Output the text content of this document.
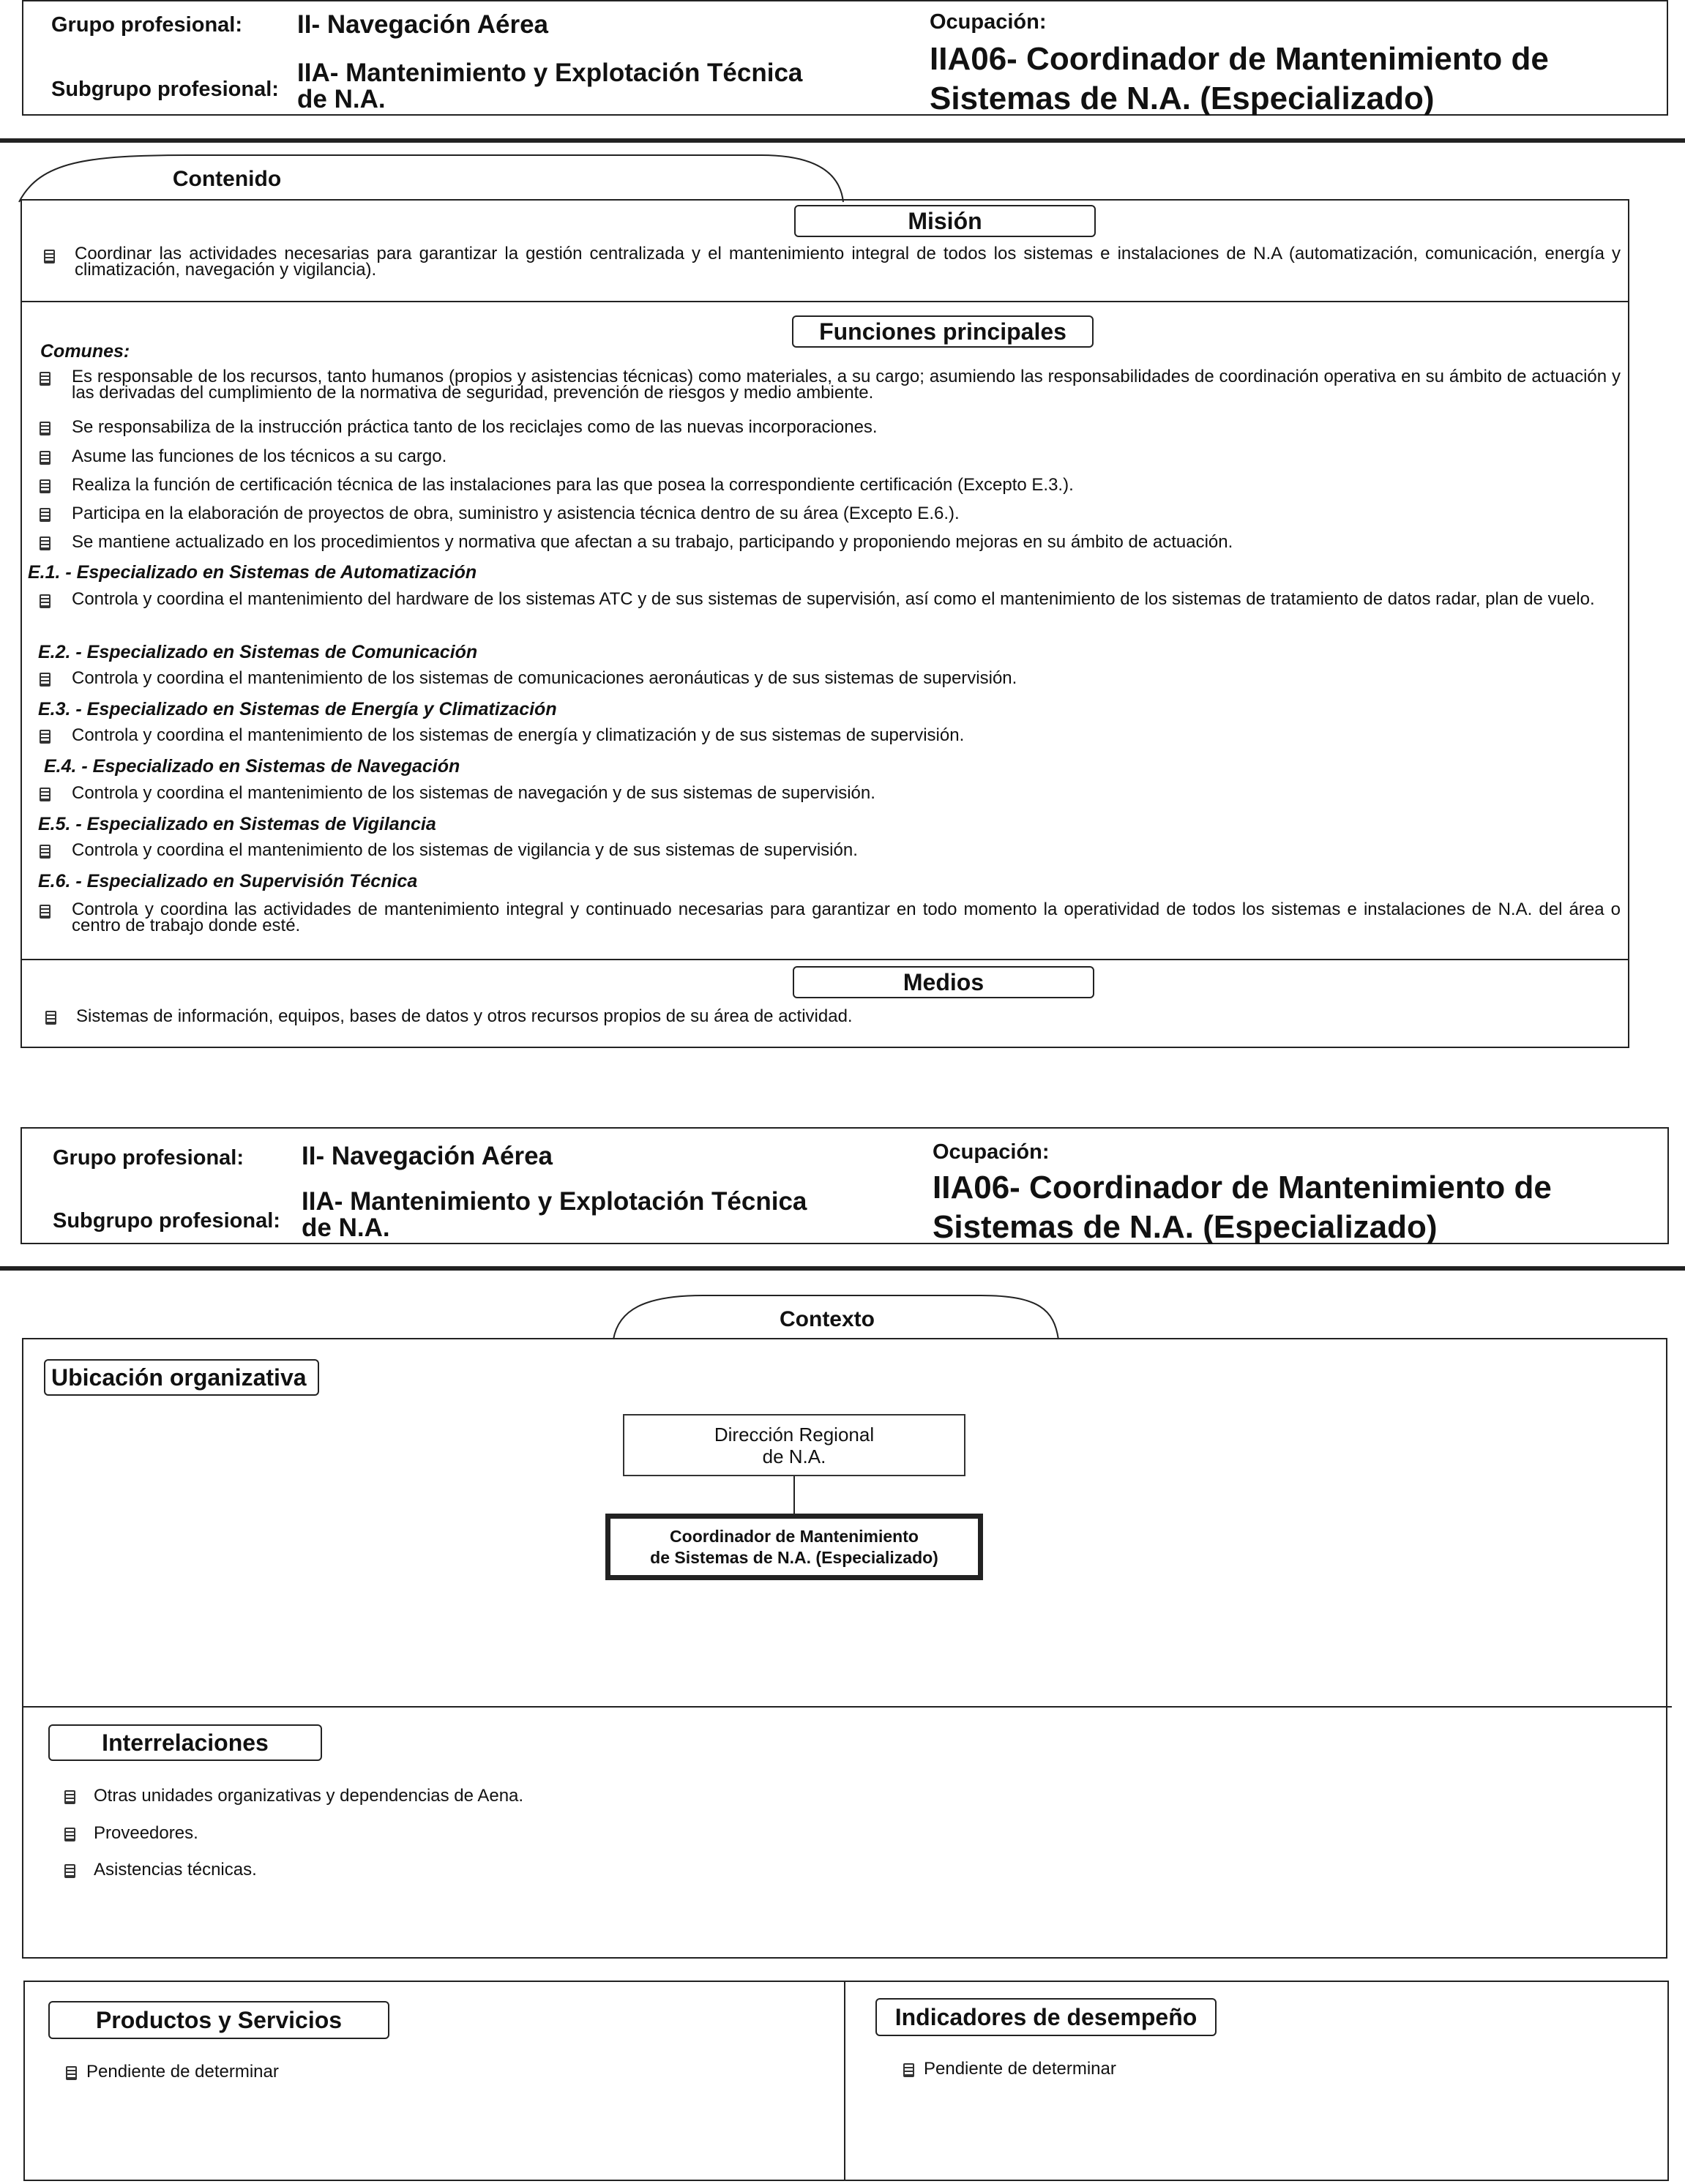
Grupo profesional: II- Navegación Aérea
Subgrupo profesional:
IIA- Mantenimiento y Explotación Técnica
de N.A.
Ocupación:
IIA06- Coordinador de Mantenimiento de
Sistemas de N.A. (Especializado)
Contenido
Misión
Coordinar las actividades necesarias para garantizar la gestión centralizada y el mantenimiento integral de todos los sistemas e instalaciones de N.A (automatización, comunicación, energía y climatización, navegación y vigilancia).
Funciones principales
Comunes:
Es responsable de los recursos, tanto humanos (propios y asistencias técnicas) como materiales, a su cargo; asumiendo las responsabilidades de coordinación operativa en su ámbito de actuación y las derivadas del cumplimiento de la normativa de seguridad, prevención de riesgos y medio ambiente.
Se responsabiliza de la instrucción práctica tanto de los reciclajes como de las nuevas incorporaciones.
Asume las funciones de los técnicos a su cargo.
Realiza la función de certificación técnica de las instalaciones para las que posea la correspondiente certificación (Excepto E.3.).
Participa en la elaboración de proyectos de obra, suministro y asistencia técnica dentro de su área (Excepto E.6.).
Se mantiene actualizado en los procedimientos y normativa que afectan a su trabajo, participando y proponiendo mejoras en su ámbito de actuación.
E.1. - Especializado en Sistemas de Automatización
Controla y coordina el mantenimiento del hardware de los sistemas ATC y de sus sistemas de supervisión, así como el mantenimiento de los sistemas de tratamiento de datos radar, plan de vuelo.
E.2. - Especializado en Sistemas de Comunicación
Controla y coordina el mantenimiento de los sistemas de comunicaciones aeronáuticas y de sus sistemas de supervisión.
E.3. - Especializado en Sistemas de Energía y Climatización
Controla y coordina el mantenimiento de los sistemas de energía y climatización y de sus sistemas de supervisión.
E.4. - Especializado en Sistemas de Navegación
Controla y coordina el mantenimiento de los sistemas de navegación y de sus sistemas de supervisión.
E.5. - Especializado en Sistemas de Vigilancia
Controla y coordina el mantenimiento de los sistemas de vigilancia y de sus sistemas de supervisión.
E.6. - Especializado en Supervisión Técnica
Controla y coordina las actividades de mantenimiento integral y continuado necesarias para garantizar en todo momento la operatividad de todos los sistemas e instalaciones de N.A. del área o centro de trabajo donde esté.
Medios
Sistemas de información, equipos, bases de datos y otros recursos propios de su área de actividad.
Grupo profesional: II- Navegación Aérea
Subgrupo profesional:
IIA- Mantenimiento y Explotación Técnica
de N.A.
Ocupación:
IIA06- Coordinador de Mantenimiento de
Sistemas de N.A. (Especializado)
Contexto
Ubicación organizativa
Dirección Regional
de N.A.
Coordinador de Mantenimiento
de Sistemas de N.A. (Especializado)
Interrelaciones
Otras unidades organizativas y dependencias de Aena.
Proveedores.
Asistencias técnicas.
Productos y Servicios
Pendiente de determinar
Indicadores de desempeño
Pendiente de determinar
